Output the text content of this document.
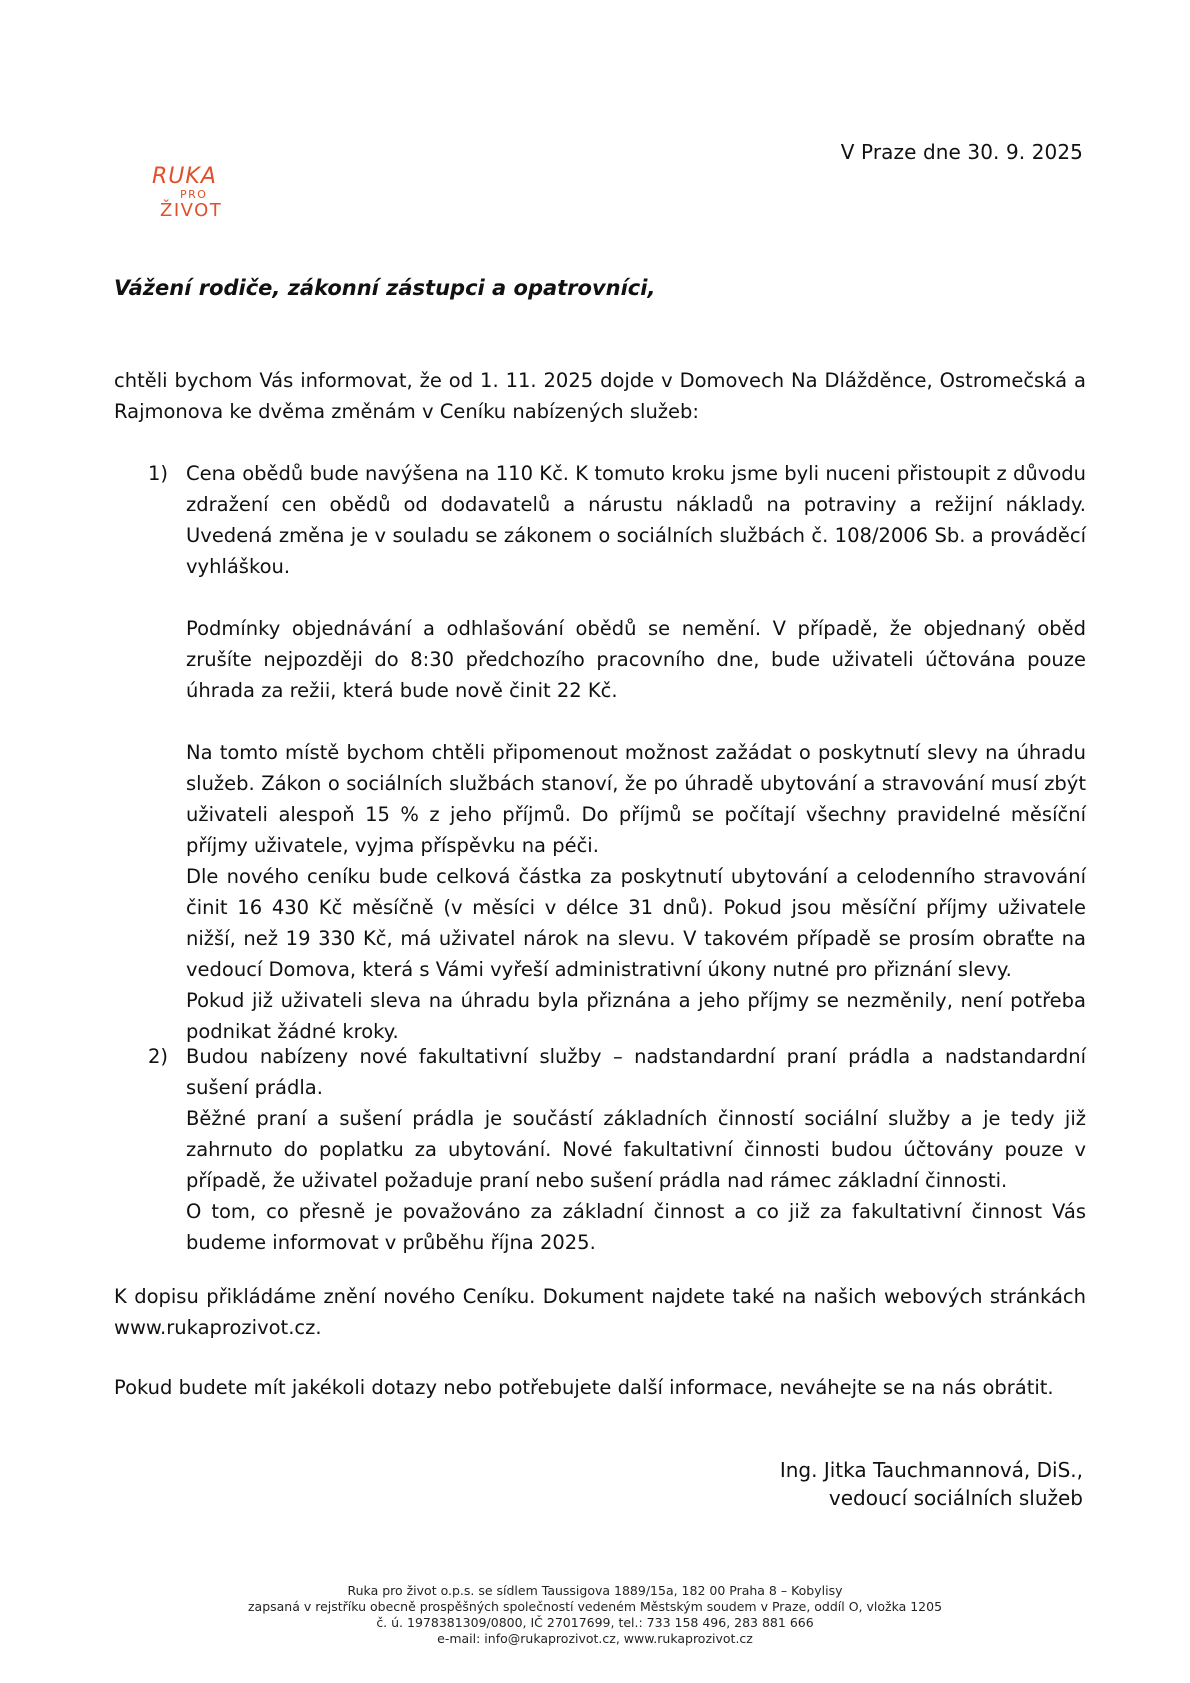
RUKA
PRO
ŽIVOT
V Praze dne 30. 9. 2025
Vážení rodiče, zákonní zástupci a opatrovníci,

chtěli bychom Vás informovat, že od 1. 11. 2025 dojde v Domovech Na Dlážděnce, Ostromečská a Rajmonova ke dvěma změnám v Ceníku nabízených služeb:

1) Cena obědů bude navýšena na 110 Kč. K tomuto kroku jsme byli nuceni přistoupit z důvodu zdražení cen obědů od dodavatelů a nárustu nákladů na potraviny a režijní náklady. Uvedená změna je v souladu se zákonem o sociálních službách č. 108/2006 Sb. a prováděcí vyhláškou.

Podmínky objednávání a odhlašování obědů se nemění. V případě, že objednaný oběd zrušíte nejpozději do 8:30 předchozího pracovního dne, bude uživateli účtována pouze úhrada za režii, která bude nově činit 22 Kč.

Na tomto místě bychom chtěli připomenout možnost zažádat o poskytnutí slevy na úhradu služeb. Zákon o sociálních službách stanoví, že po úhradě ubytování a stravování musí zbýt uživateli alespoň 15 % z jeho příjmů. Do příjmů se počítají všechny pravidelné měsíční příjmy uživatele, vyjma příspěvku na péči.

Dle nového ceníku bude celková částka za poskytnutí ubytování a celodenního stravování činit 16 430 Kč měsíčně (v měsíci v délce 31 dnů). Pokud jsou měsíční příjmy uživatele nižší, než 19 330 Kč, má uživatel nárok na slevu. V takovém případě se prosím obraťte na vedoucí Domova, která s Vámi vyřeší administrativní úkony nutné pro přiznání slevy.

Pokud již uživateli sleva na úhradu byla přiznána a jeho příjmy se nezměnily, není potřeba podnikat žádné kroky.

2) Budou nabízeny nové fakultativní služby – nadstandardní praní prádla a nadstandardní sušení prádla.

Běžné praní a sušení prádla je součástí základních činností sociální služby a je tedy již zahrnuto do poplatku za ubytování. Nové fakultativní činnosti budou účtovány pouze v případě, že uživatel požaduje praní nebo sušení prádla nad rámec základní činnosti.

O tom, co přesně je považováno za základní činnost a co již za fakultativní činnost Vás budeme informovat v průběhu října 2025.

K dopisu přikládáme znění nového Ceníku. Dokument najdete také na našich webových stránkách www.rukaprozivot.cz.

Pokud budete mít jakékoli dotazy nebo potřebujete další informace, neváhejte se na nás obrátit.

Ing. Jitka Tauchmannová, DiS.,
vedoucí sociálních služeb
Ruka pro život o.p.s. se sídlem Taussigova 1889/15a, 182 00 Praha 8 – Kobylisy
zapsaná v rejstříku obecně prospěšných společností vedeném Městským soudem v Praze, oddíl O, vložka 1205
č. ú. 1978381309/0800, IČ 27017699, tel.: 733 158 496, 283 881 666
e-mail: info@rukaprozivot.cz, www.rukaprozivot.cz
